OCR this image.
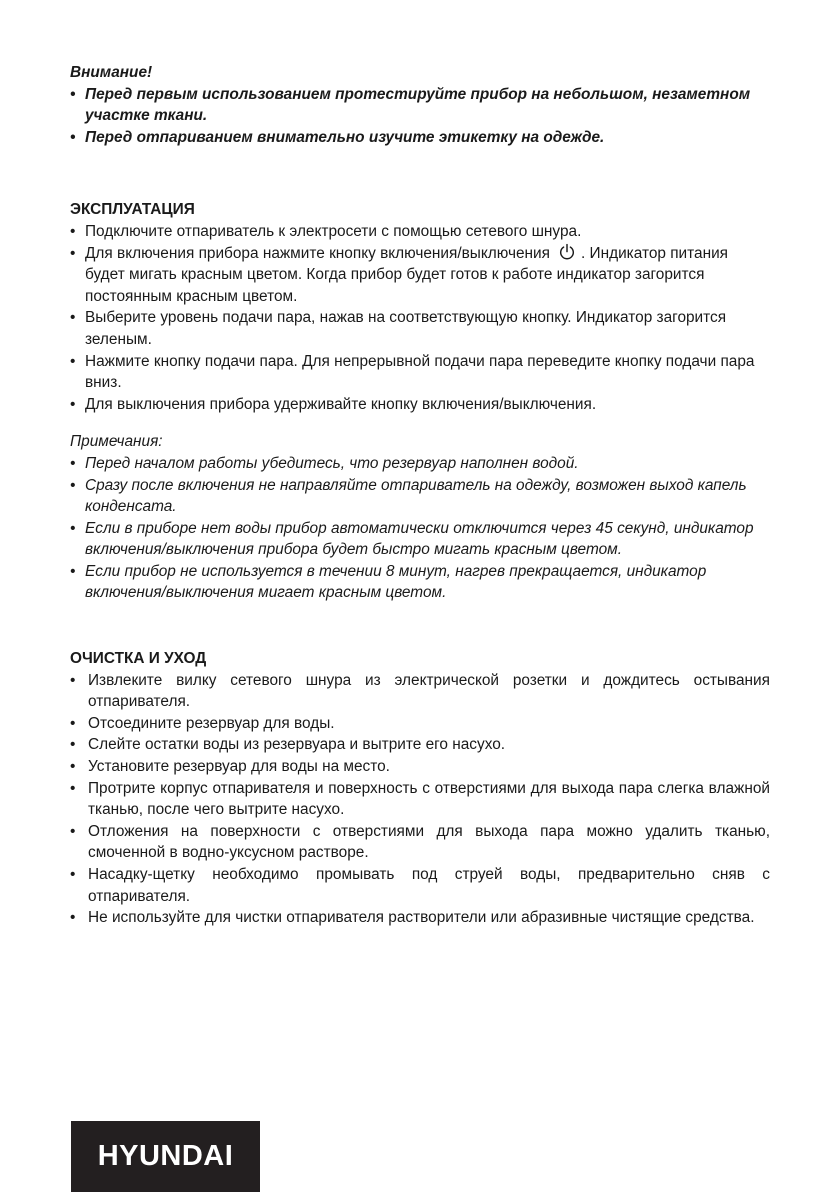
Внимание!

• Перед первым использованием протестируйте прибор на небольшом, незаметном участке ткани.
• Перед отпариванием внимательно изучите этикетку на одежде.

ЭКСПЛУАТАЦИЯ

• Подключите отпариватель к электросети с помощью сетевого шнура.
• Для включения прибора нажмите кнопку включения/выключения . Индикатор питания будет мигать красным цветом. Когда прибор будет готов к работе индикатор загорится постоянным красным цветом.
• Выберите уровень подачи пара, нажав на соответствующую кнопку. Индикатор загорится зеленым.
• Нажмите кнопку подачи пара. Для непрерывной подачи пара переведите кнопку подачи пара вниз.
• Для выключения прибора удерживайте кнопку включения/выключения.

Примечания:

• Перед началом работы убедитесь, что резервуар наполнен водой.
• Сразу после включения не направляйте отпариватель на одежду, возможен выход капель конденсата.
• Если в приборе нет воды прибор автоматически отключится через 45 секунд, индикатор включения/выключения прибора будет быстро мигать красным цветом.
• Если прибор не используется в течении 8 минут, нагрев прекращается, индикатор включения/выключения мигает красным цветом.

ОЧИСТКА И УХОД

• Извлеките вилку сетевого шнура из электрической розетки и дождитесь остывания отпаривателя.
• Отсоедините резервуар для воды.
• Слейте остатки воды из резервуара и вытрите его насухо.
• Установите резервуар для воды на место.
• Протрите корпус отпаривателя и поверхность с отверстиями для выхода пара слегка влажной тканью, после чего вытрите насухо.
• Отложения на поверхности с отверстиями для выхода пара можно удалить тканью, смоченной в водно-уксусном растворе.
• Насадку-щетку необходимо промывать под струей воды, предварительно сняв с отпаривателя.
• Не используйте для чистки отпаривателя растворители или абразивные чистящие средства.
HYUNDAI
